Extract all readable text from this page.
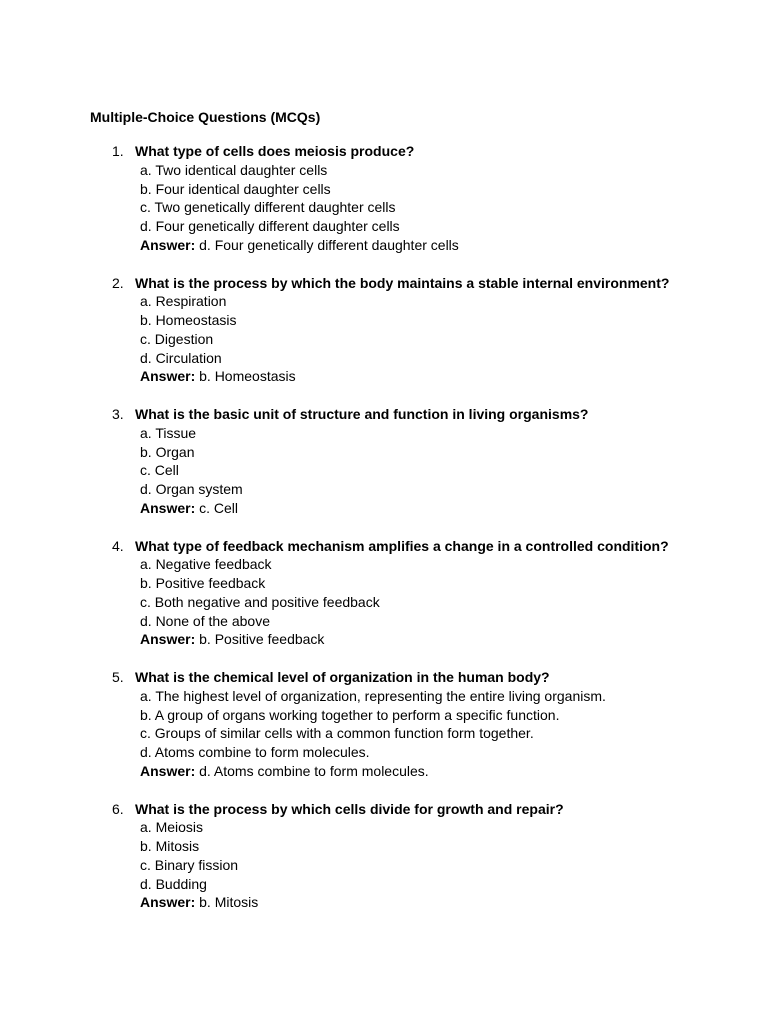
Multiple-Choice Questions (MCQs)
1. What type of cells does meiosis produce?
a. Two identical daughter cells
b. Four identical daughter cells
c. Two genetically different daughter cells
d. Four genetically different daughter cells
Answer: d. Four genetically different daughter cells
2. What is the process by which the body maintains a stable internal environment?
a. Respiration
b. Homeostasis
c. Digestion
d. Circulation
Answer: b. Homeostasis
3. What is the basic unit of structure and function in living organisms?
a. Tissue
b. Organ
c. Cell
d. Organ system
Answer: c. Cell
4. What type of feedback mechanism amplifies a change in a controlled condition?
a. Negative feedback
b. Positive feedback
c. Both negative and positive feedback
d. None of the above
Answer: b. Positive feedback
5. What is the chemical level of organization in the human body?
a. The highest level of organization, representing the entire living organism.
b. A group of organs working together to perform a specific function.
c. Groups of similar cells with a common function form together.
d. Atoms combine to form molecules.
Answer: d. Atoms combine to form molecules.
6. What is the process by which cells divide for growth and repair?
a. Meiosis
b. Mitosis
c. Binary fission
d. Budding
Answer: b. Mitosis
